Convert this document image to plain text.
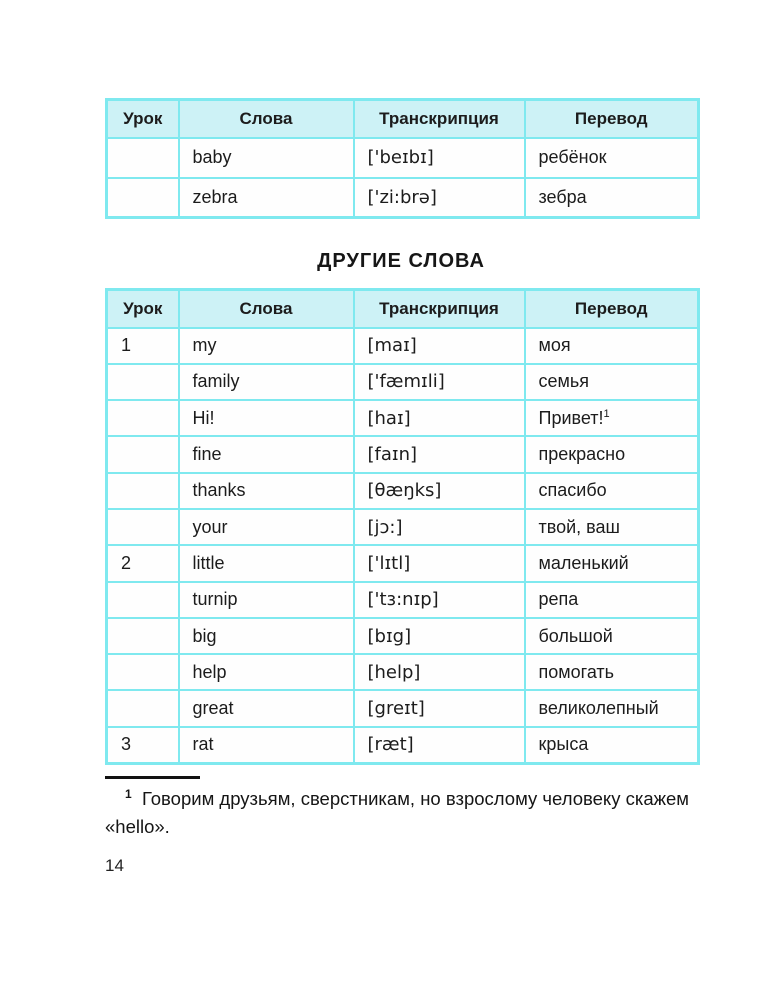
Урок	Слова	Транскрипция	Перевод
	baby	['beɪbɪ]	ребёнок
	zebra	['zi:brə]	зебра
ДРУГИЕ СЛОВА
Урок	Слова	Транскрипция	Перевод
1	my	[maɪ]	моя
	family	['fæmɪli]	семья
	Hi!	[haɪ]	Привет!$^1$
	fine	[faɪn]	прекрасно
	thanks	[θæŋks]	спасибо
	your	[jɔ:]	твой, ваш
2	little	['lɪtl]	маленький
	turnip	['tɜ:nɪp]	репа
	big	[bɪg]	большой
	help	[help]	помогать
	great	[greɪt]	великолепный
3	rat	[ræt]	крыса

$^1$ Говорим друзьям, сверстникам, но взрослому человеку скажем
«hello».

14
